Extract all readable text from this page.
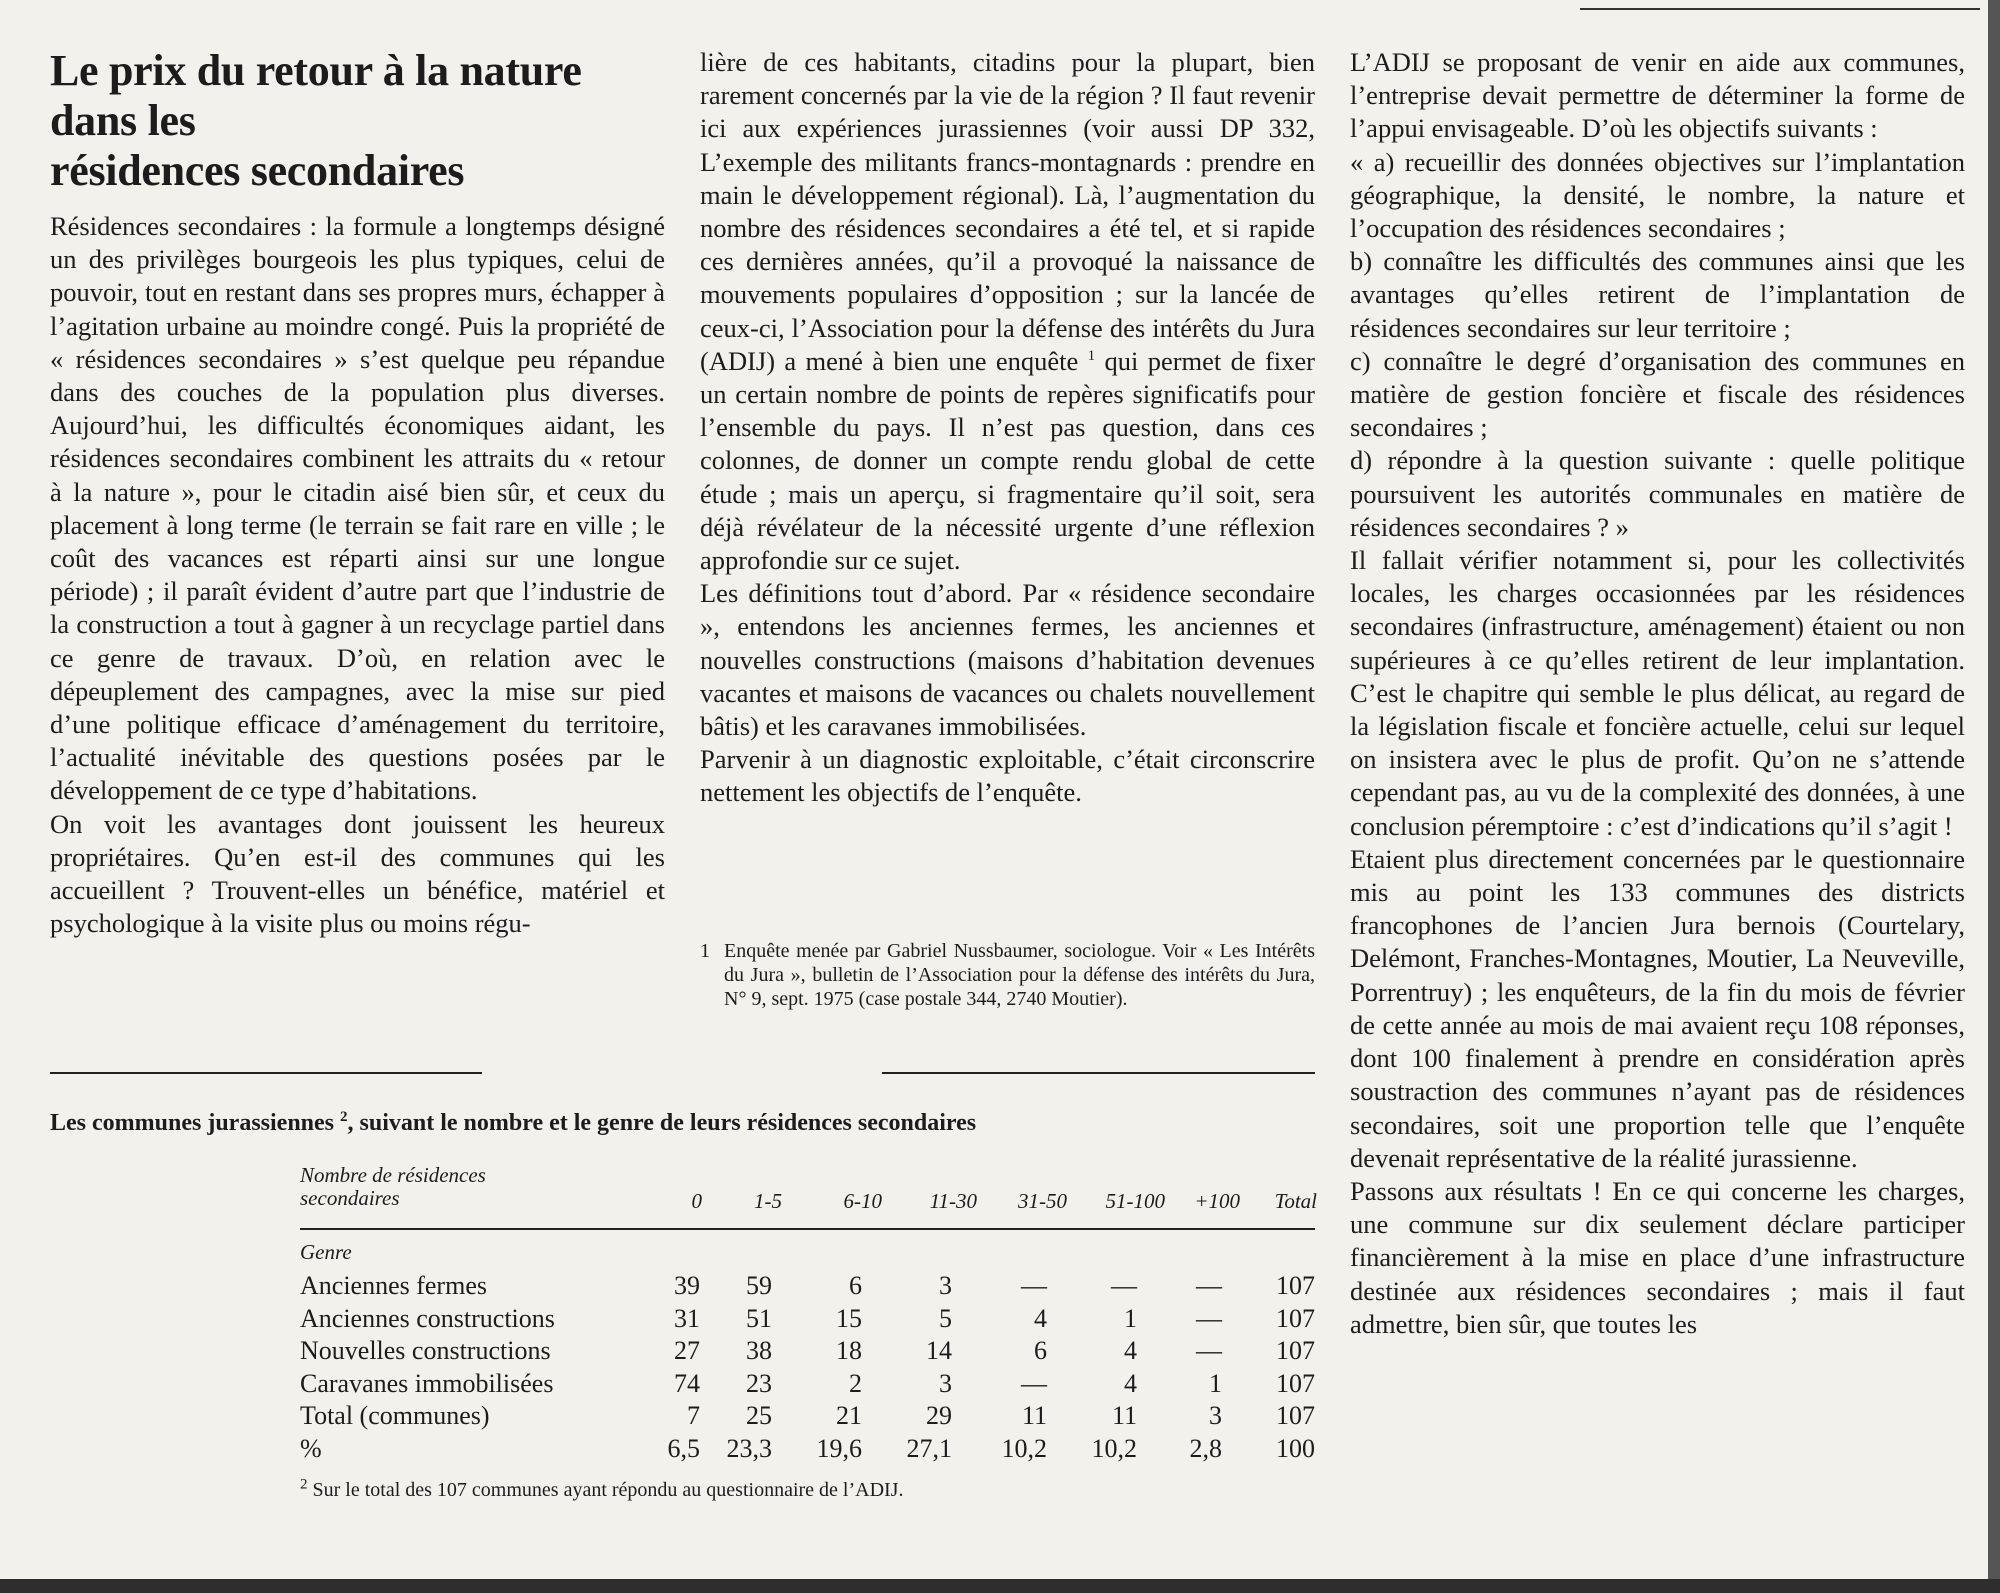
Le prix du retour à la nature
dans les
résidences secondaires

Résidences secondaires : la formule a longtemps désigné un des privilèges bourgeois les plus typiques, celui de pouvoir, tout en restant dans ses propres murs, échapper à l’agitation urbaine au moindre congé. Puis la propriété de « résidences secondaires » s’est quelque peu répandue dans des couches de la population plus diverses. Aujourd’hui, les difficultés économiques aidant, les résidences secondaires combinent les attraits du « retour à la nature », pour le citadin aisé bien sûr, et ceux du placement à long terme (le terrain se fait rare en ville ; le coût des vacances est réparti ainsi sur une longue période) ; il paraît évident d’autre part que l’industrie de la construction a tout à gagner à un recyclage partiel dans ce genre de travaux. D’où, en relation avec le dépeuplement des campagnes, avec la mise sur pied d’une politique efficace d’aménagement du territoire, l’actualité inévitable des questions posées par le développement de ce type d’habitations.

On voit les avantages dont jouissent les heureux propriétaires. Qu’en est-il des communes qui les accueillent ? Trouvent-elles un bénéfice, matériel et psychologique à la visite plus ou moins régu-

lière de ces habitants, citadins pour la plupart, bien rarement concernés par la vie de la région ? Il faut revenir ici aux expériences jurassiennes (voir aussi DP 332, L’exemple des militants francs-montagnards : prendre en main le développement régional). Là, l’augmentation du nombre des résidences secondaires a été tel, et si rapide ces dernières années, qu’il a provoqué la naissance de mouvements populaires d’opposition ; sur la lancée de ceux-ci, l’Association pour la défense des intérêts du Jura (ADIJ) a mené à bien une enquête $^1$ qui permet de fixer un certain nombre de points de repères significatifs pour l’ensemble du pays. Il n’est pas question, dans ces colonnes, de donner un compte rendu global de cette étude ; mais un aperçu, si fragmentaire qu’il soit, sera déjà révélateur de la nécessité urgente d’une réflexion approfondie sur ce sujet.

Les définitions tout d’abord. Par « résidence secondaire », entendons les anciennes fermes, les anciennes et nouvelles constructions (maisons d’habitation devenues vacantes et maisons de vacances ou chalets nouvellement bâtis) et les caravanes immobilisées.

Parvenir à un diagnostic exploitable, c’était circonscrire nettement les objectifs de l’enquête.

1 Enquête menée par Gabriel Nussbaumer, sociologue. Voir « Les Intérêts du Jura », bulletin de l’Association pour la défense des intérêts du Jura, N° 9, sept. 1975 (case postale 344, 2740 Moutier).

L’ADIJ se proposant de venir en aide aux communes, l’entreprise devait permettre de déterminer la forme de l’appui envisageable. D’où les objectifs suivants :

« a) recueillir des données objectives sur l’implantation géographique, la densité, le nombre, la nature et l’occupation des résidences secondaires ;

b) connaître les difficultés des communes ainsi que les avantages qu’elles retirent de l’implantation de résidences secondaires sur leur territoire ;

c) connaître le degré d’organisation des communes en matière de gestion foncière et fiscale des résidences secondaires ;

d) répondre à la question suivante : quelle politique poursuivent les autorités communales en matière de résidences secondaires ? »

Il fallait vérifier notamment si, pour les collectivités locales, les charges occasionnées par les résidences secondaires (infrastructure, aménagement) étaient ou non supérieures à ce qu’elles retirent de leur implantation. C’est le chapitre qui semble le plus délicat, au regard de la législation fiscale et foncière actuelle, celui sur lequel on insistera avec le plus de profit. Qu’on ne s’attende cependant pas, au vu de la complexité des données, à une conclusion péremptoire : c’est d’indications qu’il s’agit !

Etaient plus directement concernées par le questionnaire mis au point les 133 communes des districts francophones de l’ancien Jura bernois (Courtelary, Delémont, Franches-Montagnes, Moutier, La Neuveville, Porrentruy) ; les enquêteurs, de la fin du mois de février de cette année au mois de mai avaient reçu 108 réponses, dont 100 finalement à prendre en considération après soustraction des communes n’ayant pas de résidences secondaires, soit une proportion telle que l’enquête devenait représentative de la réalité jurassienne.

Passons aux résultats ! En ce qui concerne les charges, une commune sur dix seulement déclare participer financièrement à la mise en place d’une infrastructure destinée aux résidences secondaires ; mais il faut admettre, bien sûr, que toutes les

Les communes jurassiennes $^2$, suivant le nombre et le genre de leurs résidences secondaires
Nombre de résidences secondaires	0	1-5	6-10	11-30	31-50	51-100	+100	Total
Genre
Anciennes fermes	39	59	6	3	—	—	—	107
Anciennes constructions	31	51	15	5	4	1	—	107
Nouvelles constructions	27	38	18	14	6	4	—	107
Caravanes immobilisées	74	23	2	3	—	4	1	107
Total (communes)	7	25	21	29	11	11	3	107
%	6,5 23,3 19,6 27,1 10,2 10,2	2,8	100
$^2$ Sur le total des 107 communes ayant répondu au questionnaire de l’ADIJ.
